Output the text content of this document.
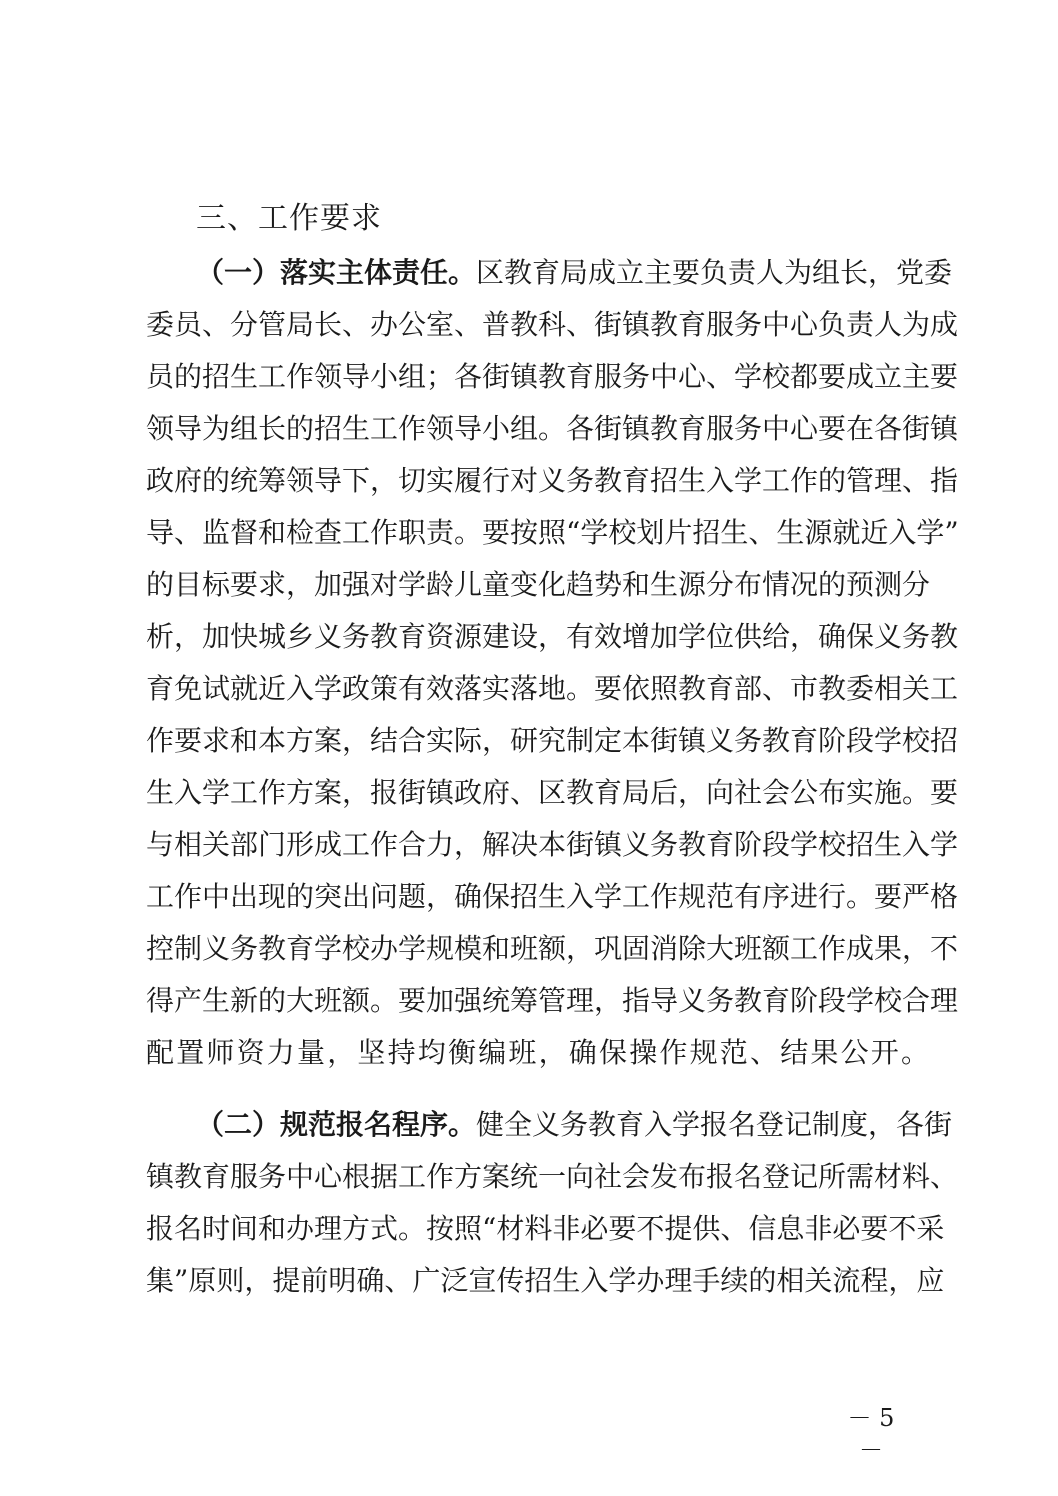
三、工作要求
（一）落实主体责任。区教育局成立主要负责人为组长，党委
委员、分管局长、办公室、普教科、街镇教育服务中心负责人为成
员的招生工作领导小组；各街镇教育服务中心、学校都要成立主要
领导为组长的招生工作领导小组。各街镇教育服务中心要在各街镇
政府的统筹领导下，切实履行对义务教育招生入学工作的管理、指
导、监督和检查工作职责。要按照“学校划片招生、生源就近入学”
的目标要求，加强对学龄儿童变化趋势和生源分布情况的预测分
析，加快城乡义务教育资源建设，有效增加学位供给，确保义务教
育免试就近入学政策有效落实落地。要依照教育部、市教委相关工
作要求和本方案，结合实际，研究制定本街镇义务教育阶段学校招
生入学工作方案，报街镇政府、区教育局后，向社会公布实施。要
与相关部门形成工作合力，解决本街镇义务教育阶段学校招生入学
工作中出现的突出问题，确保招生入学工作规范有序进行。要严格
控制义务教育学校办学规模和班额，巩固消除大班额工作成果，不
得产生新的大班额。要加强统筹管理，指导义务教育阶段学校合理
配置师资力量，坚持均衡编班，确保操作规范、结果公开。
（二）规范报名程序。健全义务教育入学报名登记制度，各街
镇教育服务中心根据工作方案统一向社会发布报名登记所需材料、
报名时间和办理方式。按照“材料非必要不提供、信息非必要不采
集”原则，提前明确、广泛宣传招生入学办理手续的相关流程，应
－ 5 －
